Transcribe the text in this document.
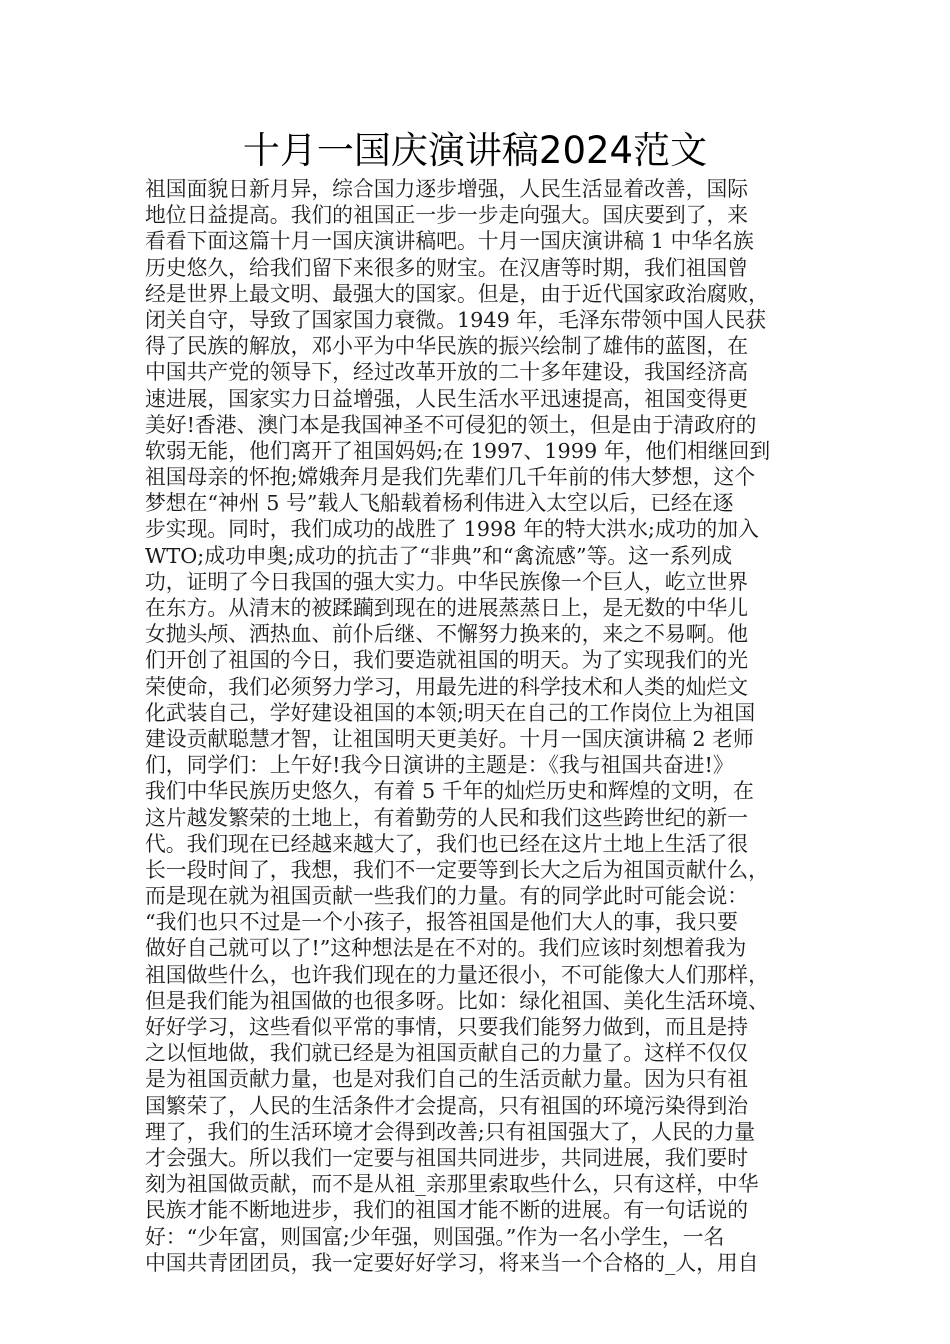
十月一国庆演讲稿2024范文
祖国面貌日新月异，综合国力逐步增强，人民生活显着改善，国际
地位日益提高。我们的祖国正一步一步走向强大。国庆要到了，来
看看下面这篇十月一国庆演讲稿吧。十月一国庆演讲稿 1 中华名族
历史悠久，给我们留下来很多的财宝。在汉唐等时期，我们祖国曾
经是世界上最文明、最强大的国家。但是，由于近代国家政治腐败，
闭关自守，导致了国家国力衰微。1949 年，毛泽东带领中国人民获
得了民族的解放，邓小平为中华民族的振兴绘制了雄伟的蓝图，在
中国共产党的领导下，经过改革开放的二十多年建设，我国经济高
速进展，国家实力日益增强，人民生活水平迅速提高，祖国变得更
美好!香港、澳门本是我国神圣不可侵犯的领土，但是由于清政府的
软弱无能，他们离开了祖国妈妈;在 1997、1999 年，他们相继回到
祖国母亲的怀抱;嫦娥奔月是我们先辈们几千年前的伟大梦想，这个
梦想在“神州 5 号”载人飞船载着杨利伟进入太空以后，已经在逐
步实现。同时，我们成功的战胜了 1998 年的特大洪水;成功的加入
WTO;成功申奥;成功的抗击了“非典”和“禽流感”等。这一系列成
功，证明了今日我国的强大实力。中华民族像一个巨人，屹立世界
在东方。从清末的被蹂躏到现在的进展蒸蒸日上，是无数的中华儿
女抛头颅、洒热血、前仆后继、不懈努力换来的，来之不易啊。他
们开创了祖国的今日，我们要造就祖国的明天。为了实现我们的光
荣使命，我们必须努力学习，用最先进的科学技术和人类的灿烂文
化武装自己，学好建设祖国的本领;明天在自己的工作岗位上为祖国
建设贡献聪慧才智，让祖国明天更美好。十月一国庆演讲稿 2 老师
们，同学们：上午好!我今日演讲的主题是：《我与祖国共奋进!》
我们中华民族历史悠久，有着 5 千年的灿烂历史和辉煌的文明，在
这片越发繁荣的土地上，有着勤劳的人民和我们这些跨世纪的新一
代。我们现在已经越来越大了，我们也已经在这片土地上生活了很
长一段时间了，我想，我们不一定要等到长大之后为祖国贡献什么，
而是现在就为祖国贡献一些我们的力量。有的同学此时可能会说：
“我们也只不过是一个小孩子，报答祖国是他们大人的事，我只要
做好自己就可以了!”这种想法是在不对的。我们应该时刻想着我为
祖国做些什么，也许我们现在的力量还很小，不可能像大人们那样，
但是我们能为祖国做的也很多呀。比如：绿化祖国、美化生活环境、
好好学习，这些看似平常的事情，只要我们能努力做到，而且是持
之以恒地做，我们就已经是为祖国贡献自己的力量了。这样不仅仅
是为祖国贡献力量，也是对我们自己的生活贡献力量。因为只有祖
国繁荣了，人民的生活条件才会提高，只有祖国的环境污染得到治
理了，我们的生活环境才会得到改善;只有祖国强大了，人民的力量
才会强大。所以我们一定要与祖国共同进步，共同进展，我们要时
刻为祖国做贡献，而不是从祖_亲那里索取些什么，只有这样，中华
民族才能不断地进步，我们的祖国才能不断的进展。有一句话说的
好：“少年富，则国富;少年强，则国强。”作为一名小学生，一名
中国共青团团员，我一定要好好学习，将来当一个合格的_人，用自
